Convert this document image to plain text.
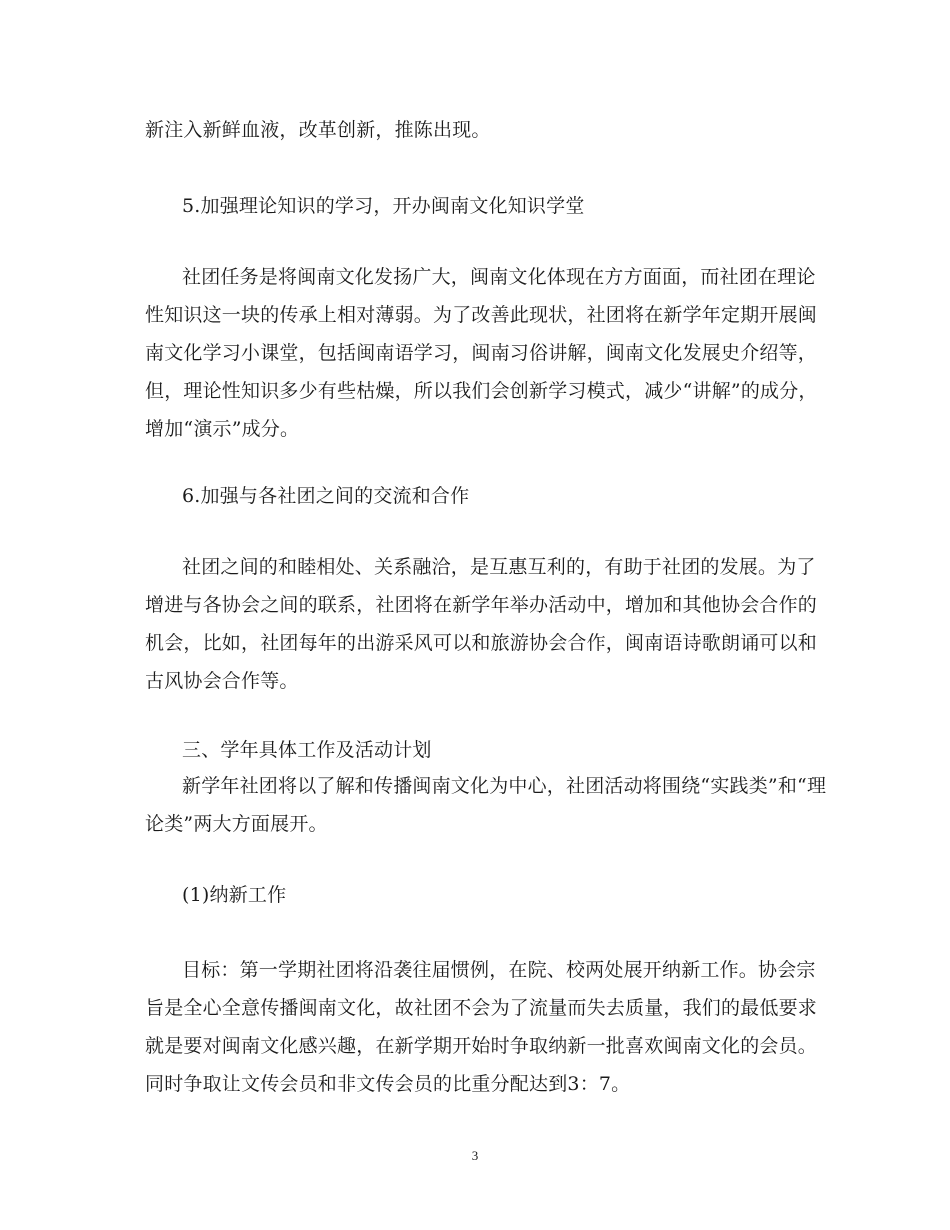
新注入新鲜血液，改革创新，推陈出现。
5.加强理论知识的学习，开办闽南文化知识学堂
社团任务是将闽南文化发扬广大，闽南文化体现在方方面面，而社团在理论
性知识这一块的传承上相对薄弱。为了改善此现状，社团将在新学年定期开展闽
南文化学习小课堂，包括闽南语学习，闽南习俗讲解，闽南文化发展史介绍等，
但，理论性知识多少有些枯燥，所以我们会创新学习模式，减少“讲解”的成分，
增加“演示”成分。
6.加强与各社团之间的交流和合作
社团之间的和睦相处、关系融洽，是互惠互利的，有助于社团的发展。为了
增进与各协会之间的联系，社团将在新学年举办活动中，增加和其他协会合作的
机会，比如，社团每年的出游采风可以和旅游协会合作，闽南语诗歌朗诵可以和
古风协会合作等。
三、学年具体工作及活动计划
新学年社团将以了解和传播闽南文化为中心，社团活动将围绕“实践类”和“理
论类”两大方面展开。
(1)纳新工作
目标：第一学期社团将沿袭往届惯例，在院、校两处展开纳新工作。协会宗
旨是全心全意传播闽南文化，故社团不会为了流量而失去质量，我们的最低要求
就是要对闽南文化感兴趣，在新学期开始时争取纳新一批喜欢闽南文化的会员。
同时争取让文传会员和非文传会员的比重分配达到3：7。
3
